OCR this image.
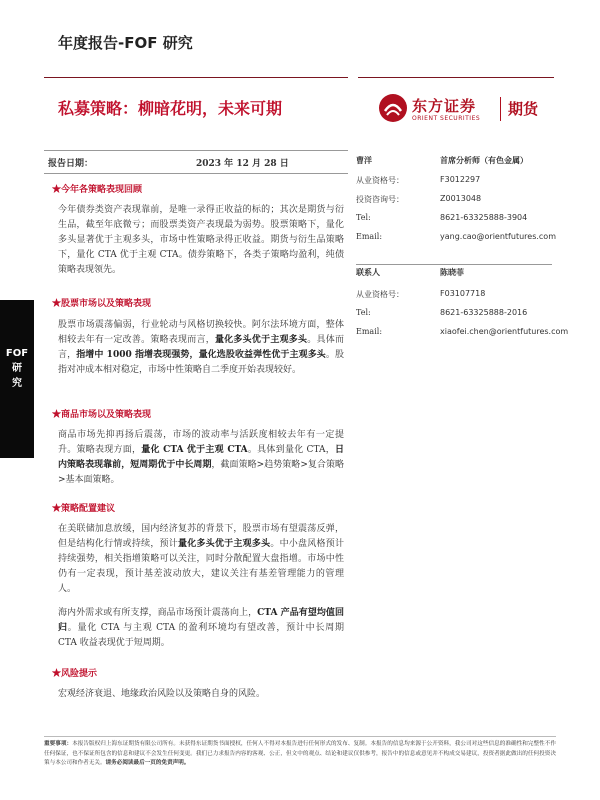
年度报告-FOF 研究
私募策略：柳暗花明，未来可期	东方证券
ORIENT SECURITIES
期货
报告日期：	2023 年 12 月 28 日
FOF
研
究
★今年各策略表现回顾
今年债券类资产表现靠前，是唯一录得正收益的标的；其次是期货与衍生品，截至年底微亏；而股票类资产表现最为弱势。股票策略下，量化多头显著优于主观多头，市场中性策略录得正收益。期货与衍生品策略下，量化 CTA 优于主观 CTA。债券策略下，各类子策略均盈利，纯债策略表现领先。
★股票市场以及策略表现
股票市场震荡偏弱，行业轮动与风格切换较快。阿尔法环境方面，整体相较去年有一定改善。策略表现而言，量化多头优于主观多头。具体而言，指增中 1000 指增表现强势，量化选股收益弹性优于主观多头。股指对冲成本相对稳定，市场中性策略自二季度开始表现较好。
★商品市场以及策略表现
商品市场先抑再扬后震荡，市场的波动率与活跃度相较去年有一定提升。策略表现方面，量化 CTA 优于主观 CTA。具体到量化 CTA，日内策略表现靠前，短周期优于中长周期，截面策略>趋势策略>复合策略>基本面策略。
★策略配置建议
在美联储加息放缓，国内经济复苏的背景下，股票市场有望震荡反弹，但是结构化行情或持续，预计量化多头优于主观多头。中小盘风格预计持续强势，相关指增策略可以关注，同时分散配置大盘指增。市场中性仍有一定表现，预计基差波动放大，建议关注有基差管理能力的管理人。
海内外需求或有所支撑，商品市场预计震荡向上，CTA 产品有望均值回归。量化 CTA 与主观 CTA 的盈利环境均有望改善，预计中长周期 CTA 收益表现优于短周期。
★风险提示
宏观经济衰退、地缘政治风险以及策略自身的风险。
曹洋	首席分析师（有色金属）
从业资格号：	F3012297
投资咨询号：	Z0013048
Tel:	8621-63325888-3904
Email:	yang.cao@orientfutures.com
联系人	陈晓菲
从业资格号：	F03107718
Tel:	8621-63325888-2016
Email:	xiaofei.chen@orientfutures.com
重要事项：本报告版权归上海东证期货有限公司所有。未获得东证期货书面授权，任何人不得对本报告进行任何形式的发布、复制。本报告的信息均来源于公开资料，我公司对这些信息的准确性和完整性不作任何保证，也不保证所包含的信息和建议不会发生任何变更。我们已力求报告内容的客观、公正，但文中的观点、结论和建议仅供参考，报告中的信息或意见并不构成交易建议，投资者据此做出的任何投资决策与本公司和作者无关。请务必阅读最后一页的免责声明。
